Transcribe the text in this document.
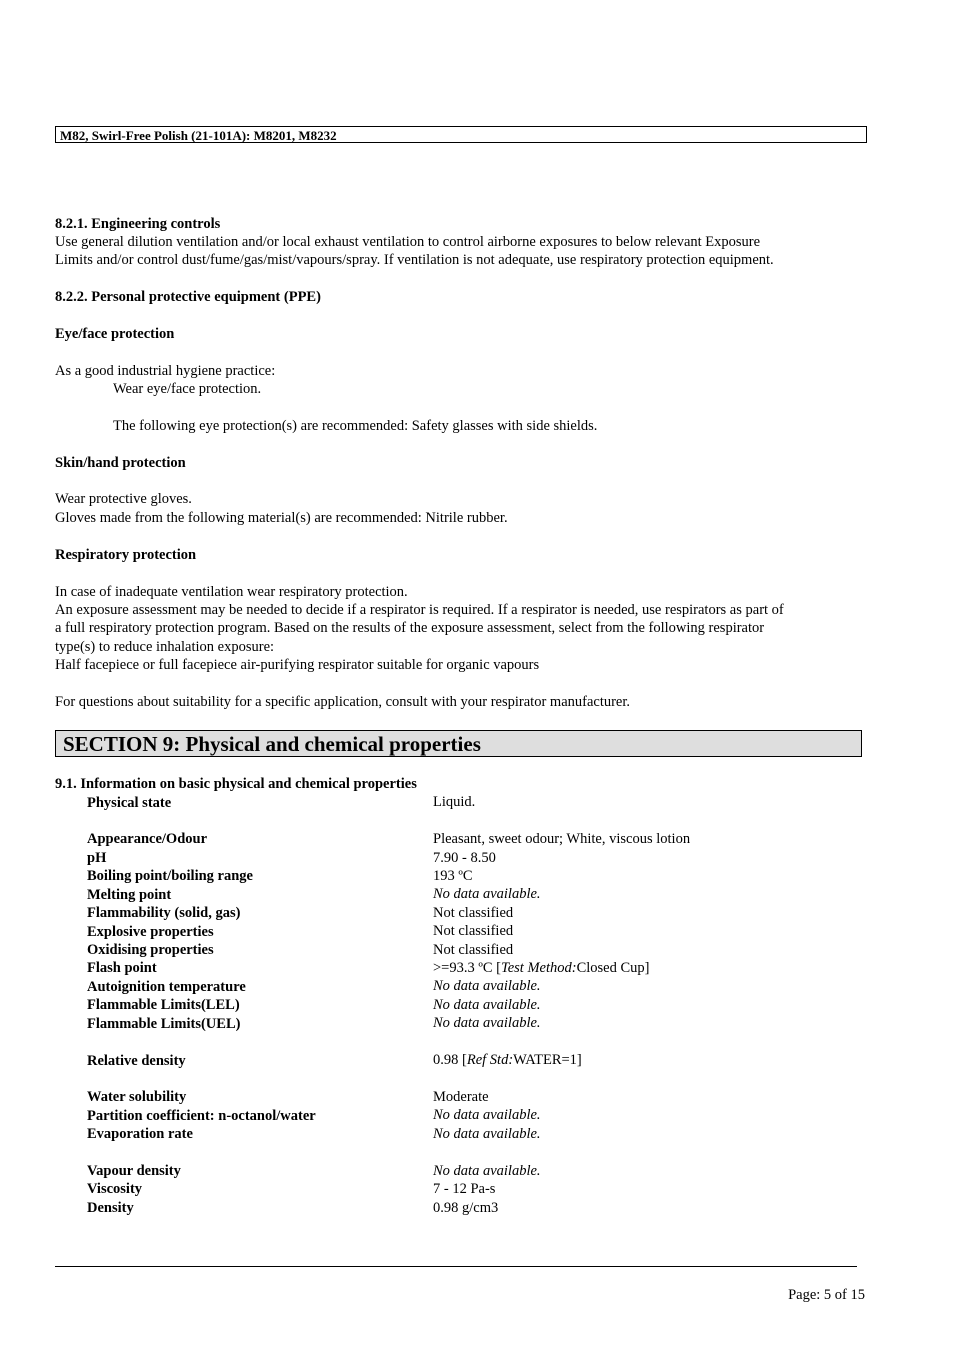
M82, Swirl-Free Polish (21-101A): M8201, M8232
8.2.1. Engineering controls
Use general dilution ventilation and/or local exhaust ventilation to control airborne exposures to below relevant Exposure
Limits and/or control dust/fume/gas/mist/vapours/spray. If ventilation is not adequate, use respiratory protection equipment.
8.2.2. Personal protective equipment (PPE)
Eye/face protection
As a good industrial hygiene practice:
Wear eye/face protection.
The following eye protection(s) are recommended: Safety glasses with side shields.
Skin/hand protection
Wear protective gloves.
Gloves made from the following material(s) are recommended: Nitrile rubber.
Respiratory protection
In case of inadequate ventilation wear respiratory protection.
An exposure assessment may be needed to decide if a respirator is required. If a respirator is needed, use respirators as part of
a full respiratory protection program. Based on the results of the exposure assessment, select from the following respirator
type(s) to reduce inhalation exposure:
Half facepiece or full facepiece air-purifying respirator suitable for organic vapours
For questions about suitability for a specific application, consult with your respirator manufacturer.
SECTION 9: Physical and chemical properties
9.1. Information on basic physical and chemical properties
Physical state	Liquid.
Appearance/Odour	Pleasant, sweet odour; White, viscous lotion
pH	7.90 - 8.50
Boiling point/boiling range	193 ºC
Melting point	No data available.
Flammability (solid, gas)	Not classified
Explosive properties	Not classified
Oxidising properties	Not classified
Flash point	>=93.3 ºC [Test Method:Closed Cup]
Autoignition temperature	No data available.
Flammable Limits(LEL)	No data available.
Flammable Limits(UEL)	No data available.
Relative density	0.98 [Ref Std:WATER=1]
Water solubility	Moderate
Partition coefficient: n-octanol/water	No data available.
Evaporation rate	No data available.
Vapour density	No data available.
Viscosity	7 - 12 Pa-s
Density	0.98 g/cm3
Page: 5 of 15
